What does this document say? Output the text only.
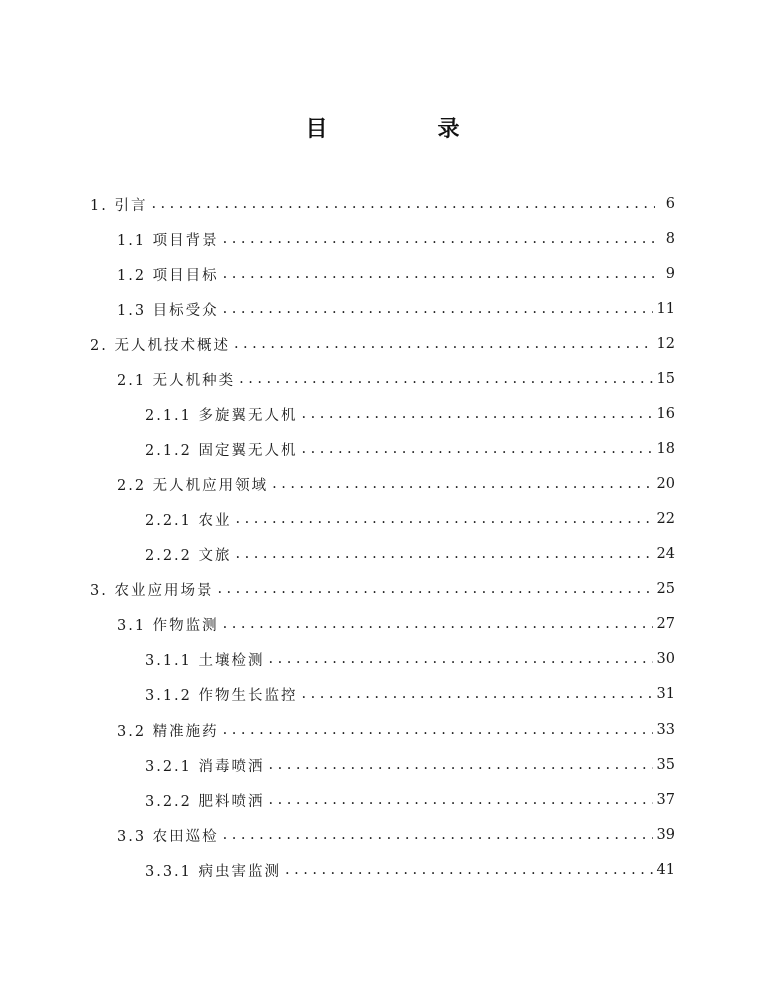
目　录
1. 引言 .....	6
1.1 项目背景 .....	8
1.2 项目目标 .....	9
1.3 目标受众 .....	11
2. 无人机技术概述 .....	12
2.1 无人机种类 .....	15
2.1.1 多旋翼无人机 .....	16
2.1.2 固定翼无人机 .....	18
2.2 无人机应用领域 .....	20
2.2.1 农业 .....	22
2.2.2 文旅 .....	24
3. 农业应用场景 .....	25
3.1 作物监测 .....	27
3.1.1 土壤检测 .....	30
3.1.2 作物生长监控 .....	31
3.2 精准施药 .....	33
3.2.1 消毒喷洒 .....	35
3.2.2 肥料喷洒 .....	37
3.3 农田巡检 .....	39
3.3.1 病虫害监测 .....	41
